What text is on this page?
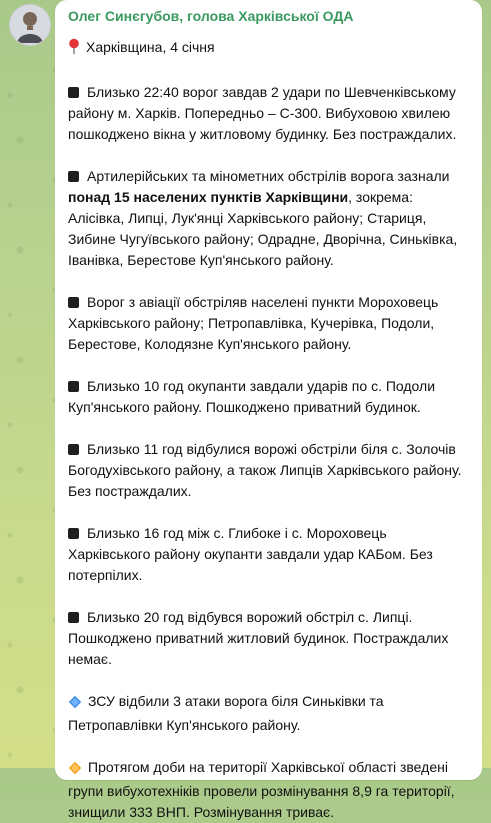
Олег Синєгубов, голова Харківської ОДА
Харківщина, 4 січня
Близько 22:40 ворог завдав 2 удари по Шевченківському району м. Харків. Попередньо – С-300. Вибуховою хвилею пошкоджено вікна у житловому будинку. Без постраждалих.
Артилерійських та мінометних обстрілів ворога зазнали понад 15 населених пунктів Харківщини, зокрема: Алісівка, Липці, Лук'янці Харківського району; Стариця, Зибине Чугуївського району; Одрадне, Дворічна, Синьківка, Іванівка, Берестове Куп'янського району.
Ворог з авіації обстріляв населені пункти Мороховець Харківського району; Петропавлівка, Кучерівка, Подоли, Берестове, Колодязне Куп'янського району.
Близько 10 год окупанти завдали ударів по с. Подоли Куп'янського району. Пошкоджено приватний будинок.
Близько 11 год відбулися ворожі обстріли біля с. Золочів Богодухівського району, а також Липців Харківського району. Без постраждалих.
Близько 16 год між с. Глибоке і с. Мороховець Харківського району окупанти завдали удар КАБом. Без потерпілих.
Близько 20 год відбувся ворожий обстріл с. Липці. Пошкоджено приватний житловий будинок. Постраждалих немає.
ЗСУ відбили 3 атаки ворога біля Синьківки та Петропавлівки Куп'янського району.
Протягом доби на території Харківської області зведені групи вибухотехніків провели розмінування 8,9 га території, знищили 333 ВНП. Розмінування триває.
